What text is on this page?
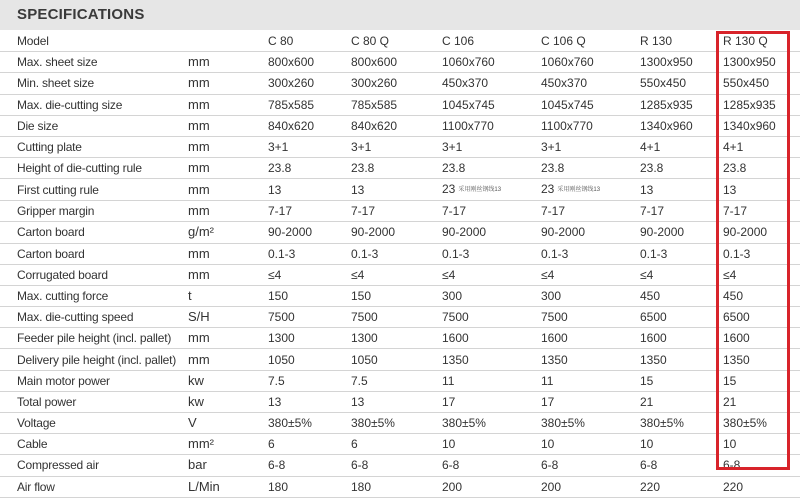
SPECIFICATIONS
Model		C 80	C 80 Q	C 106	C 106 Q	R 130	R 130 Q
Max. sheet size	mm	800x600	800x600	1060x760	1060x760	1300x950	1300x950
Min. sheet size	mm	300x260	300x260	450x370	450x370	550x450	550x450
Max. die-cutting size	mm	785x585	785x585	1045x745	1045x745	1285x935	1285x935
Die size	mm	840x620	840x620	1100x770	1100x770	1340x960	1340x960
Cutting plate	mm	3+1	3+1	3+1	3+1	4+1	4+1
Height of die-cutting rule	mm	23.8	23.8	23.8	23.8	23.8	23.8
First cutting rule	mm	13	13	23 采用刚丝钢线13	23 采用刚丝钢线13	13	13
Gripper margin	mm	7-17	7-17	7-17	7-17	7-17	7-17
Carton board	g/m²	90-2000	90-2000	90-2000	90-2000	90-2000	90-2000
Carton board	mm	0.1-3	0.1-3	0.1-3	0.1-3	0.1-3	0.1-3
Corrugated board	mm	≤4	≤4	≤4	≤4	≤4	≤4
Max. cutting force	t	150	150	300	300	450	450
Max. die-cutting speed	S/H	7500	7500	7500	7500	6500	6500
Feeder pile height (incl. pallet)	mm	1300	1300	1600	1600	1600	1600
Delivery pile height (incl. pallet)	mm	1050	1050	1350	1350	1350	1350
Main motor power	kw	7.5	7.5	11	11	15	15
Total power	kw	13	13	17	17	21	21
Voltage	V	380±5%	380±5%	380±5%	380±5%	380±5%	380±5%
Cable	mm²	6	6	10	10	10	10
Compressed air	bar	6-8	6-8	6-8	6-8	6-8	6-8
Air flow	L/Min	180	180	200	200	220	220
